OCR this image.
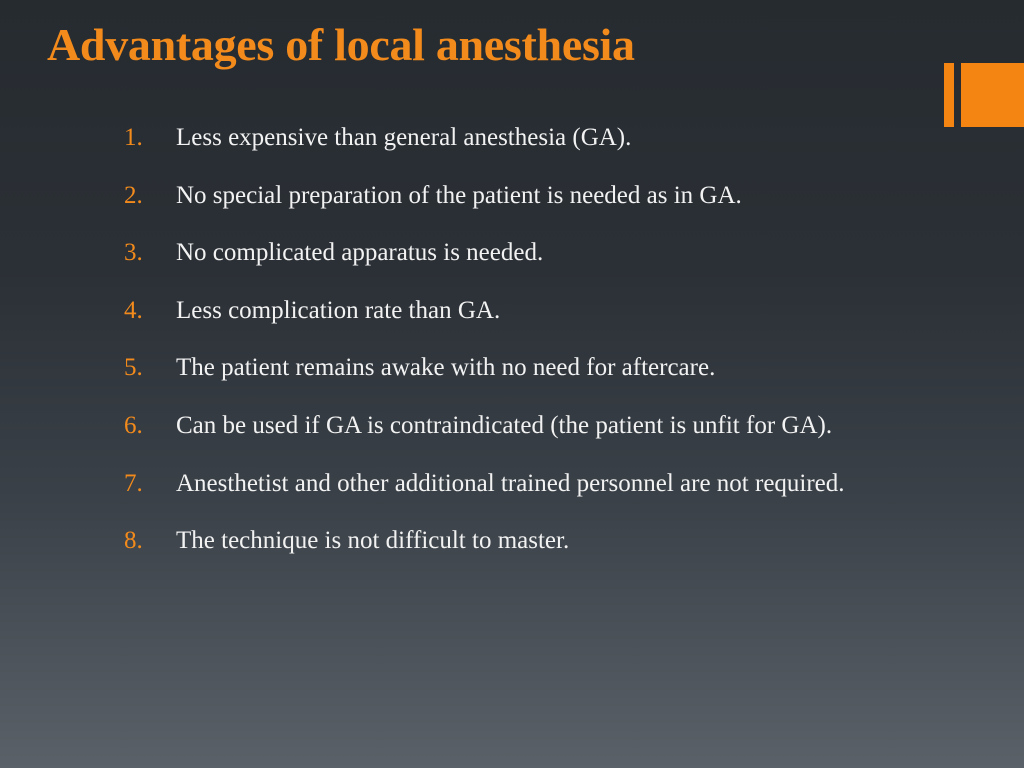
Advantages of local anesthesia
1. Less expensive than general anesthesia (GA).
2. No special preparation of the patient is needed as in GA.
3. No complicated apparatus is needed.
4. Less complication rate than GA.
5. The patient remains awake with no need for aftercare.
6. Can be used if GA is contraindicated (the patient is unfit for GA).
7. Anesthetist and other additional trained personnel are not required.
8. The technique is not difficult to master.
